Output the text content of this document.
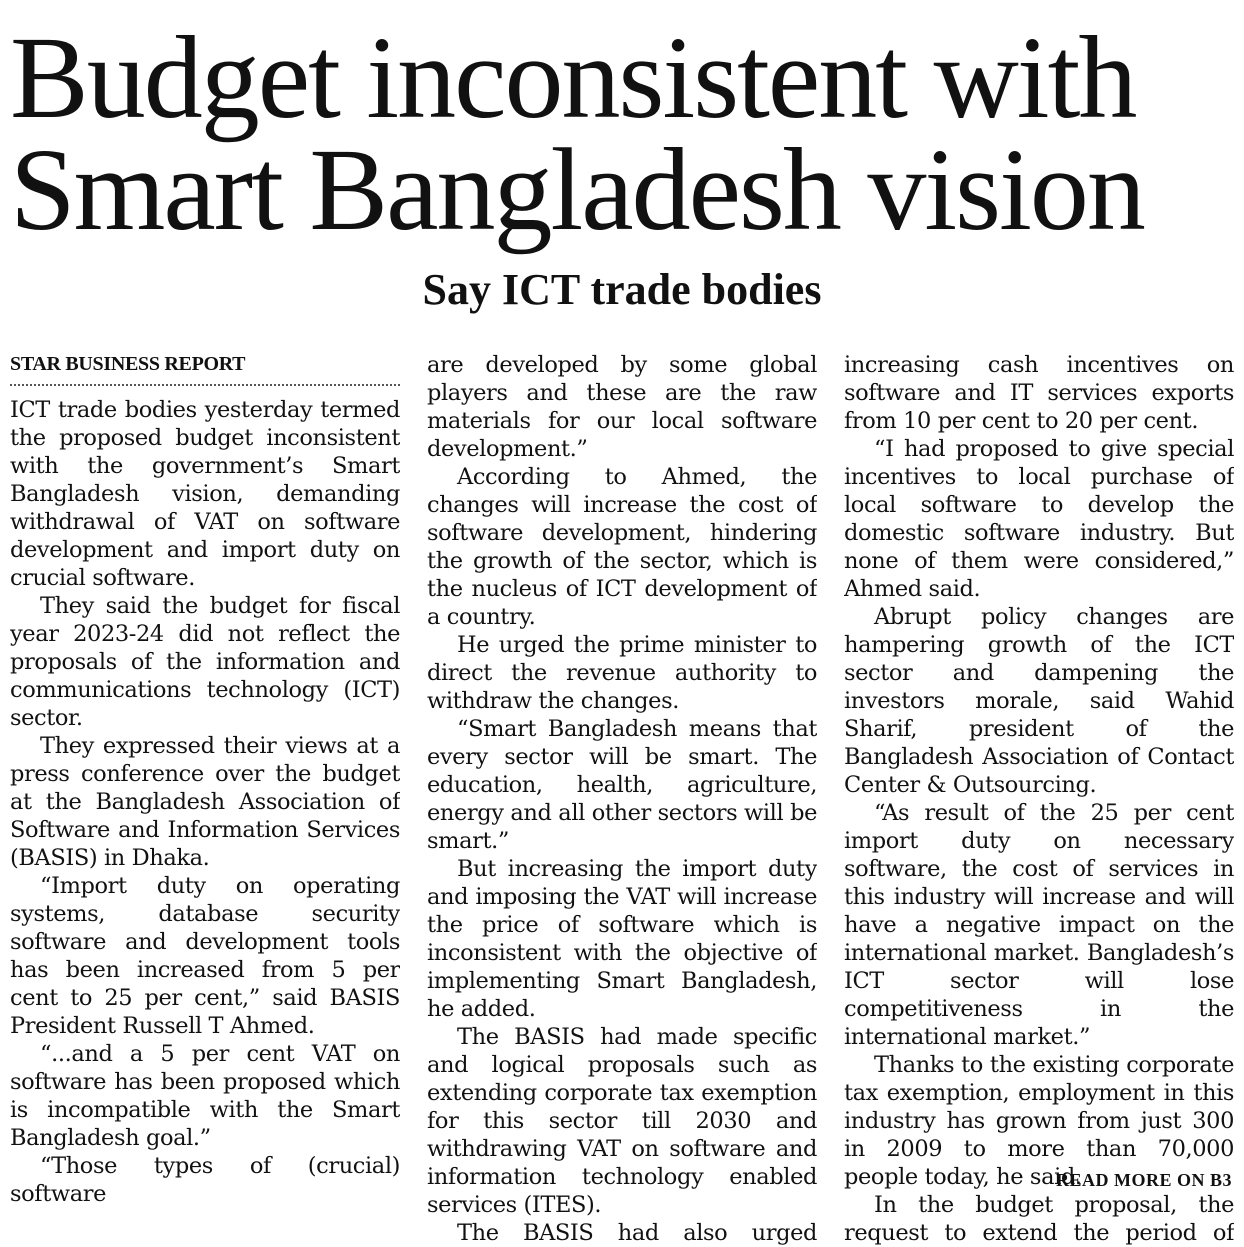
Budget inconsistent with
Smart Bangladesh vision
Say ICT trade bodies
STAR BUSINESS REPORT

ICT trade bodies yesterday termed the proposed budget inconsistent with the government’s Smart Bangladesh vision, demanding withdrawal of VAT on software development and import duty on crucial software.

They said the budget for fiscal year 2023-24 did not reflect the proposals of the information and communications technology (ICT) sector.

They expressed their views at a press conference over the budget at the Bangladesh Association of Software and Information Services (BASIS) in Dhaka.

“Import duty on operating systems, database security software and development tools has been increased from 5 per cent to 25 per cent,” said BASIS President Russell T Ahmed.

“...and a 5 per cent VAT on software has been proposed which is incompatible with the Smart Bangladesh goal.”

“Those types of (crucial) software

are developed by some global players and these are the raw materials for our local software development.”

According to Ahmed, the changes will increase the cost of software development, hindering the growth of the sector, which is the nucleus of ICT development of a country.

He urged the prime minister to direct the revenue authority to withdraw the changes.

“Smart Bangladesh means that every sector will be smart. The education, health, agriculture, energy and all other sectors will be smart.”

But increasing the import duty and imposing the VAT will increase the price of software which is inconsistent with the objective of implementing Smart Bangladesh, he added.

The BASIS had made specific and logical proposals such as extending corporate tax exemption for this sector till 2030 and withdrawing VAT on software and information technology enabled services (ITES).

The BASIS had also urged

increasing cash incentives on software and IT services exports from 10 per cent to 20 per cent.

“I had proposed to give special incentives to local purchase of local software to develop the domestic software industry. But none of them were considered,” Ahmed said.

Abrupt policy changes are hampering growth of the ICT sector and dampening the investors morale, said Wahid Sharif, president of the Bangladesh Association of Contact Center & Outsourcing.

“As result of the 25 per cent import duty on necessary software, the cost of services in this industry will increase and will have a negative impact on the international market. Bangladesh’s ICT sector will lose competitiveness in the international market.”

Thanks to the existing corporate tax exemption, employment in this industry has grown from just 300 in 2009 to more than 70,000 people today, he said.

In the budget proposal, the request to extend the period of

READ MORE ON B3
